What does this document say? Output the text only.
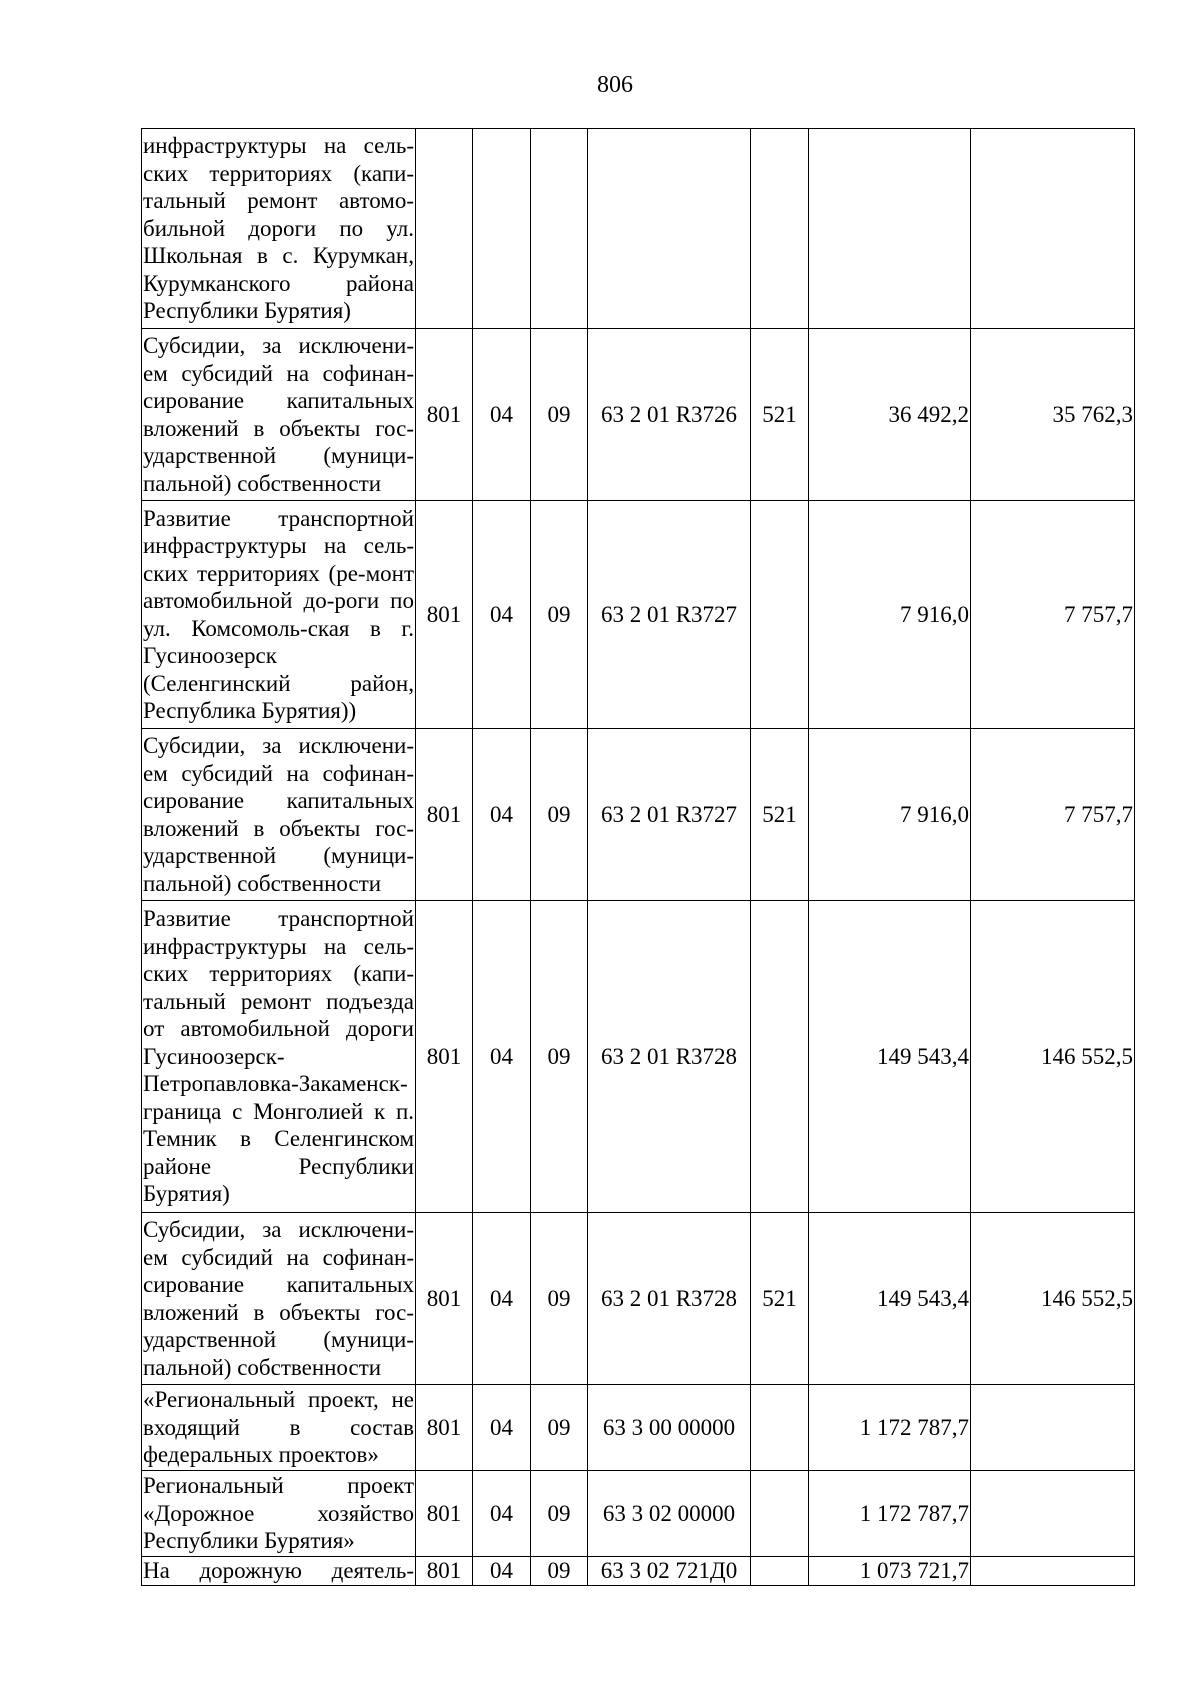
806
инфраструктуры на сель-ских территориях (капи-тальный ремонт автомо-бильной дороги по ул. Школьная в с. Курумкан, Курумканского района Республики Бурятия)							
Субсидии, за исключени-ем субсидий на софинан-сирование капитальных вложений в объекты гос-ударственной (муници-пальной) собственности	801	04	09	63 2 01 R3726	521	36 492,2	35 762,3
Развитие транспортной инфраструктуры на сель-ских территориях (ре-монт автомобильной до-роги по ул. Комсомоль-ская в г. Гусиноозерск (Селенгинский район, Республика Бурятия))	801	04	09	63 2 01 R3727		7 916,0	7 757,7
Субсидии, за исключени-ем субсидий на софинан-сирование капитальных вложений в объекты гос-ударственной (муници-пальной) собственности	801	04	09	63 2 01 R3727	521	7 916,0	7 757,7
Развитие транспортной инфраструктуры на сель-ских территориях (капи-тальный ремонт подъезда от автомобильной дороги Гусиноозерск-Петропавловка-Закаменск-граница с Монголией к п. Темник в Селенгинском районе Республики Бурятия)	801	04	09	63 2 01 R3728		149 543,4	146 552,5
Субсидии, за исключени-ем субсидий на софинан-сирование капитальных вложений в объекты гос-ударственной (муници-пальной) собственности	801	04	09	63 2 01 R3728	521	149 543,4	146 552,5
«Региональный проект, не входящий в состав федеральных проектов»	801	04	09	63 3 00 00000		1 172 787,7	
Региональный проект «Дорожное хозяйство Республики Бурятия»	801	04	09	63 3 02 00000		1 172 787,7	
На дорожную деятель-	801	04	09	63 3 02 721Д0		1 073 721,7	
